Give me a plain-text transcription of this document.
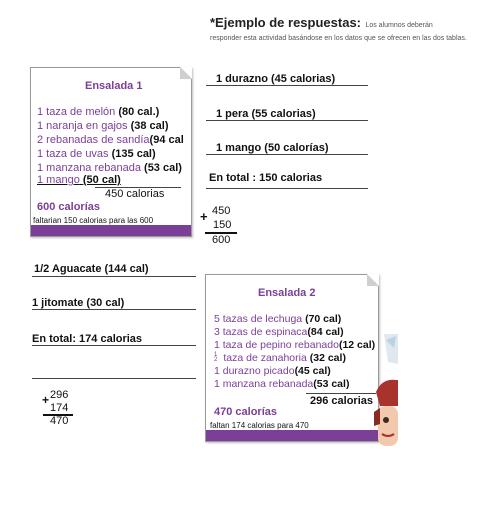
*Ejemplo de respuestas: Los alumnos deberán
responder esta actividad basándose en los datos que se ofrecen en las dos tablas.
Ensalada 1
1 taza de melón (80 cal.)
1 naranja en gajos (38 cal)
2 rebanadas de sandía(94 cal
1 taza de uvas (135 cal)
1 manzana rebanada (53 cal)
1 mango (50 cal)
450 calorias
600 calorías
faltarian 150 calorias para las 600
1 durazno (45 calorias)
1 pera (55 calorias)
1 mango (50 calorías)
En total : 150 calorias
+ 450
150
600
1/2 Aguacate (144 cal)
1 jitomate (30 cal)
En total: 174 calorias
+ 296
174
470
Ensalada 2
5 tazas de lechuga (70 cal)
3 tazas de espinaca(84 cal)
1 taza de pepino rebanado(12 cal)
1
2 taza de zanahoria (32 cal)
1 durazno picado(45 cal)
1 manzana rebanada(53 cal)
296 calorias
470 calorías
faltan 174 calorias para 470
